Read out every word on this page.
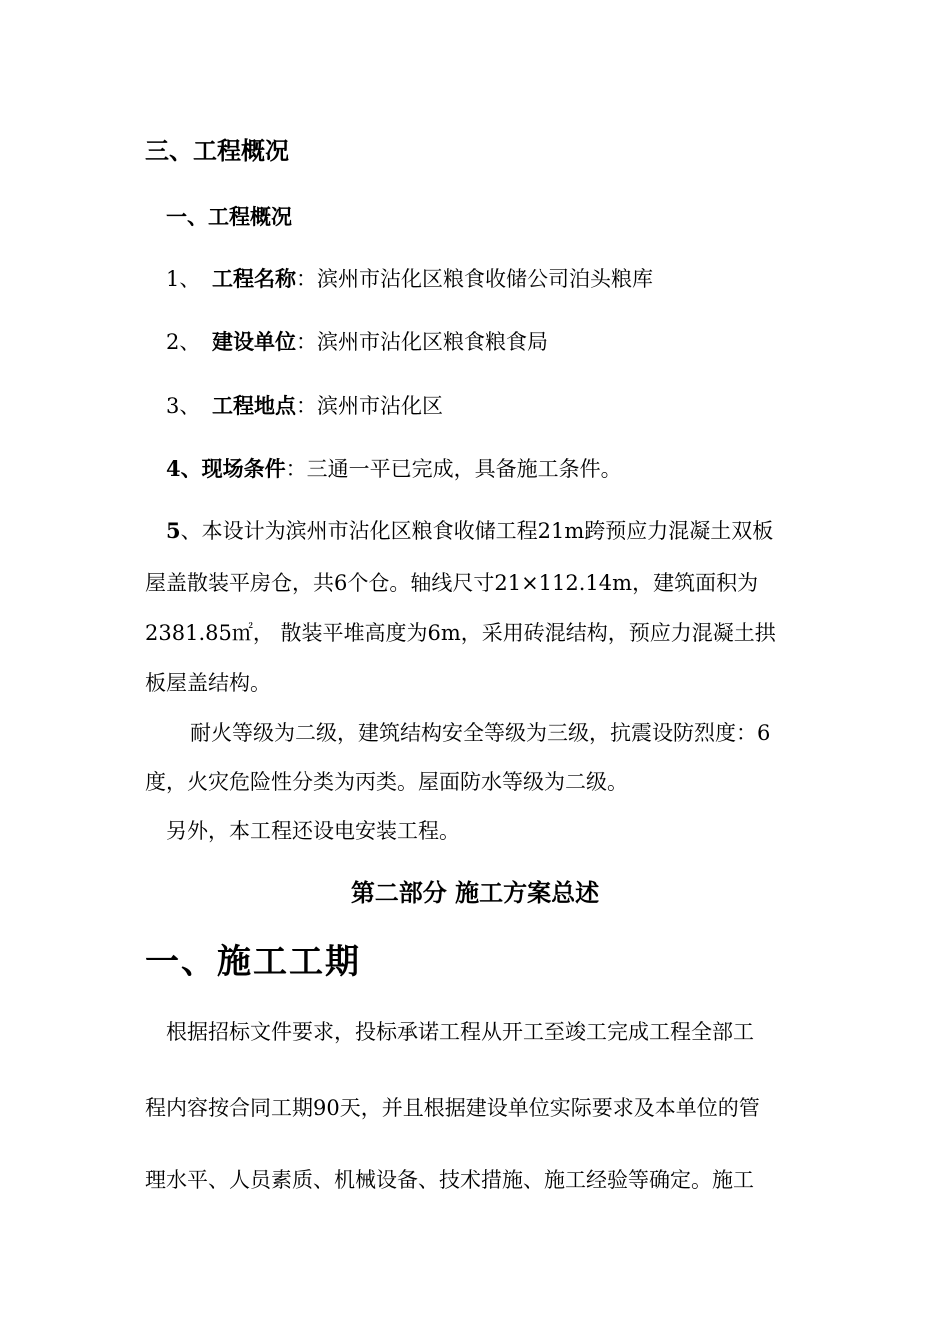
三、工程概况
一、工程概况
1、 工程名称：滨州市沾化区粮食收储公司泊头粮库
2、 建设单位：滨州市沾化区粮食粮食局
3、 工程地点：滨州市沾化区
4、现场条件：三通一平已完成，具备施工条件。
5、本设计为滨州市沾化区粮食收储工程21m跨预应力混凝土双板
屋盖散装平房仓，共6个仓。轴线尺寸21×112.14m，建筑面积为
2381.85㎡， 散装平堆高度为6m，采用砖混结构，预应力混凝土拱
板屋盖结构。
耐火等级为二级，建筑结构安全等级为三级，抗震设防烈度：6
度，火灾危险性分类为丙类。屋面防水等级为二级。
另外，本工程还设电安装工程。
第二部分 施工方案总述
一、施工工期
根据招标文件要求，投标承诺工程从开工至竣工完成工程全部工
程内容按合同工期90天，并且根据建设单位实际要求及本单位的管
理水平、人员素质、机械设备、技术措施、施工经验等确定。施工
